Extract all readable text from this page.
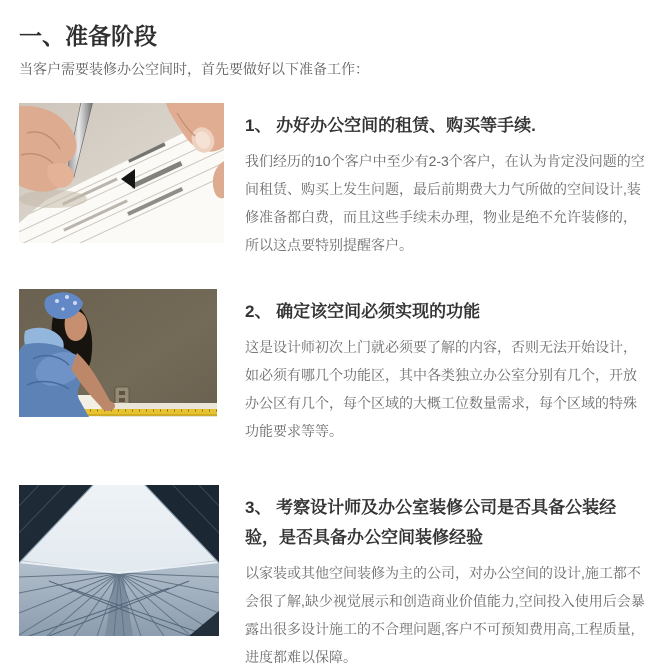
一、准备阶段

当客户需要装修办公空间时，首先要做好以下准备工作：

1、 办好办公空间的租赁、购买等手续.

我们经历的10个客户中至少有2-3个客户，在认为肯定没问题的空间租赁、购买上发生问题，最后前期费大力气所做的空间设计,装修准备都白费，而且这些手续未办理，物业是绝不允许装修的，所以这点要特别提醒客户。

2、 确定该空间必须实现的功能

这是设计师初次上门就必须要了解的内容，否则无法开始设计，如必须有哪几个功能区，其中各类独立办公室分别有几个，开放办公区有几个，每个区域的大概工位数量需求，每个区域的特殊功能要求等等。

3、 考察设计师及办公室装修公司是否具备公装经验，是否具备办公空间装修经验

以家装或其他空间装修为主的公司，对办公空间的设计,施工都不会很了解,缺少视觉展示和创造商业价值能力,空间投入使用后会暴露出很多设计施工的不合理问题,客户不可预知费用高,工程质量,进度都难以保障。
